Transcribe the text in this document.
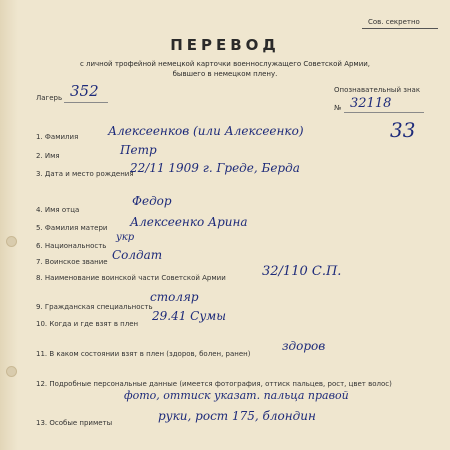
Сов. секретно
ПЕРЕВОД
с личной трофейной немецкой карточки военнослужащего Советской Армии,
бывшего в немецком плену.
Лагерь 352	Опознавательный знак
№ 32118
33
1. Фамилия Алексеенков (или Алексеенко)
2. Имя	Петр
3. Дата и место рождения
22/11 1909 г. Греде, Берда
4. Имя отца
Федор
5. Фамилия матери Алексеенко Арина
6. Национальность
укр
7. Воинское звание Солдат
8. Наименование воинской части Советской Армии	32/110 С.П.
9. Гражданская специальность
столяр
10. Когда и где взят в плен
29.41 Сумы
11. В каком состоянии взят в плен (здоров, болен, ранен)
здоров
12. Подробные персональные данные (имеется фотография, оттиск пальцев, рост, цвет волос)
фото, оттиск указат. пальца правой
13. Особые приметы	руки, рост 175, блондин
